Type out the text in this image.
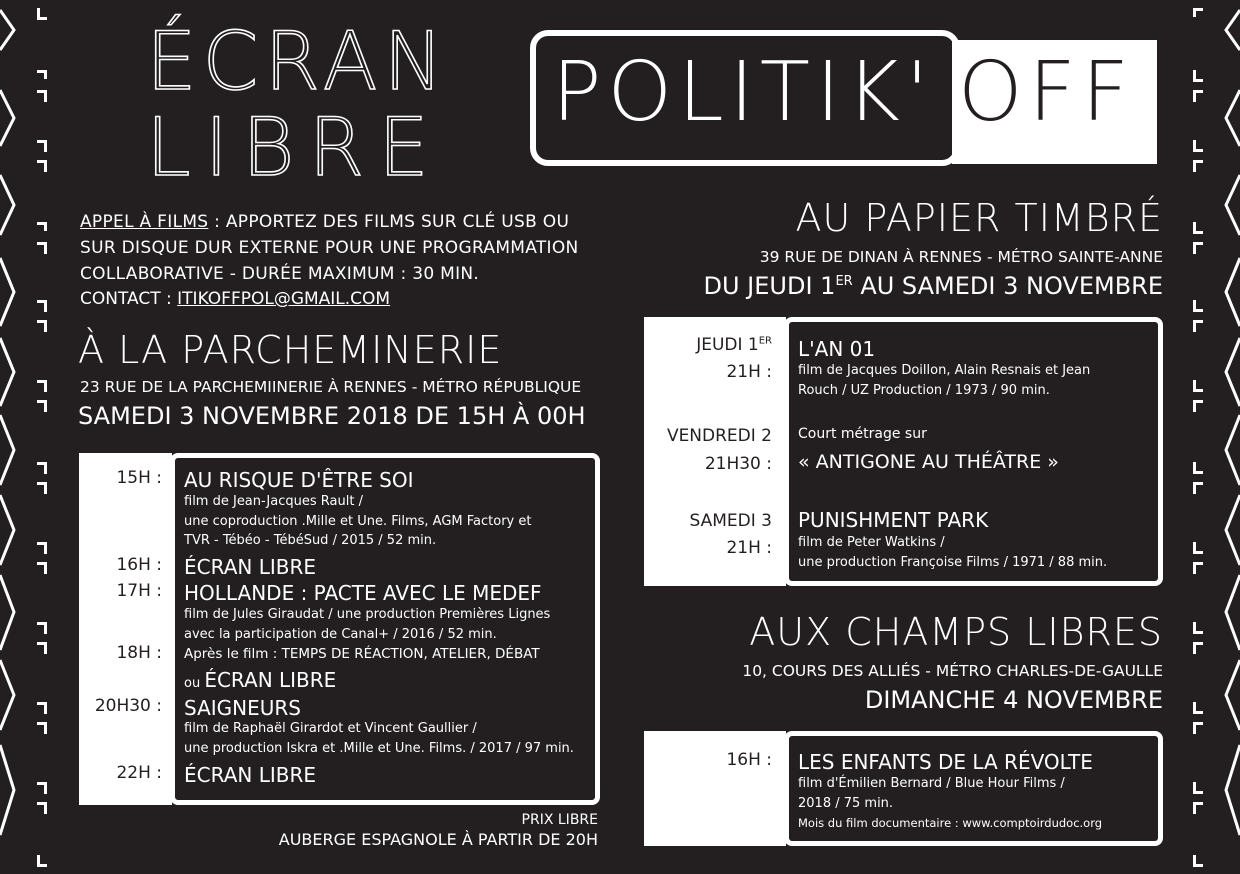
ÉCRAN
LIBRE
POLITIK' OFF
APPEL À FILMS : APPORTEZ DES FILMS SUR CLÉ USB OU
SUR DISQUE DUR EXTERNE POUR UNE PROGRAMMATION
COLLABORATIVE - DURÉE MAXIMUM : 30 MIN.
CONTACT : ITIKOFFPOL@GMAIL.COM
À LA PARCHEMINERIE
23 RUE DE LA PARCHEMIINERIE À RENNES - MÉTRO RÉPUBLIQUE
SAMEDI 3 NOVEMBRE 2018 DE 15H À 00H
15H :
16H :
17H :
18H :
20H30 :
22H :
AU RISQUE D'ÊTRE SOI
film de Jean-Jacques Rault /
une coproduction .Mille et Une. Films, AGM Factory et
TVR - Tébéo - TébéSud / 2015 / 52 min.
ÉCRAN LIBRE
HOLLANDE : PACTE AVEC LE MEDEF
film de Jules Giraudat / une production Premières Lignes
avec la participation de Canal+ / 2016 / 52 min.
Après le film : TEMPS DE RÉACTION, ATELIER, DÉBAT
ou ÉCRAN LIBRE
SAIGNEURS
film de Raphaël Girardot et Vincent Gaullier /
une production Iskra et .Mille et Une. Films. / 2017 / 97 min.
ÉCRAN LIBRE
PRIX LIBRE
AUBERGE ESPAGNOLE À PARTIR DE 20H
AU PAPIER TIMBRÉ
39 RUE DE DINAN À RENNES - MÉTRO SAINTE-ANNE
DU JEUDI 1ER AU SAMEDI 3 NOVEMBRE
JEUDI 1ER
21H :
VENDREDI 2
21H30 :
SAMEDI 3
21H :
L'AN 01
film de Jacques Doillon, Alain Resnais et Jean
Rouch / UZ Production / 1973 / 90 min.
Court métrage sur
« ANTIGONE AU THÉÂTRE »
PUNISHMENT PARK
film de Peter Watkins /
une production Françoise Films / 1971 / 88 min.
AUX CHAMPS LIBRES
10, COURS DES ALLIÉS - MÉTRO CHARLES-DE-GAULLE
DIMANCHE 4 NOVEMBRE
16H : LES ENFANTS DE LA RÉVOLTE
film d'Émilien Bernard / Blue Hour Films /
2018 / 75 min.
Mois du film documentaire : www.comptoirdudoc.org
